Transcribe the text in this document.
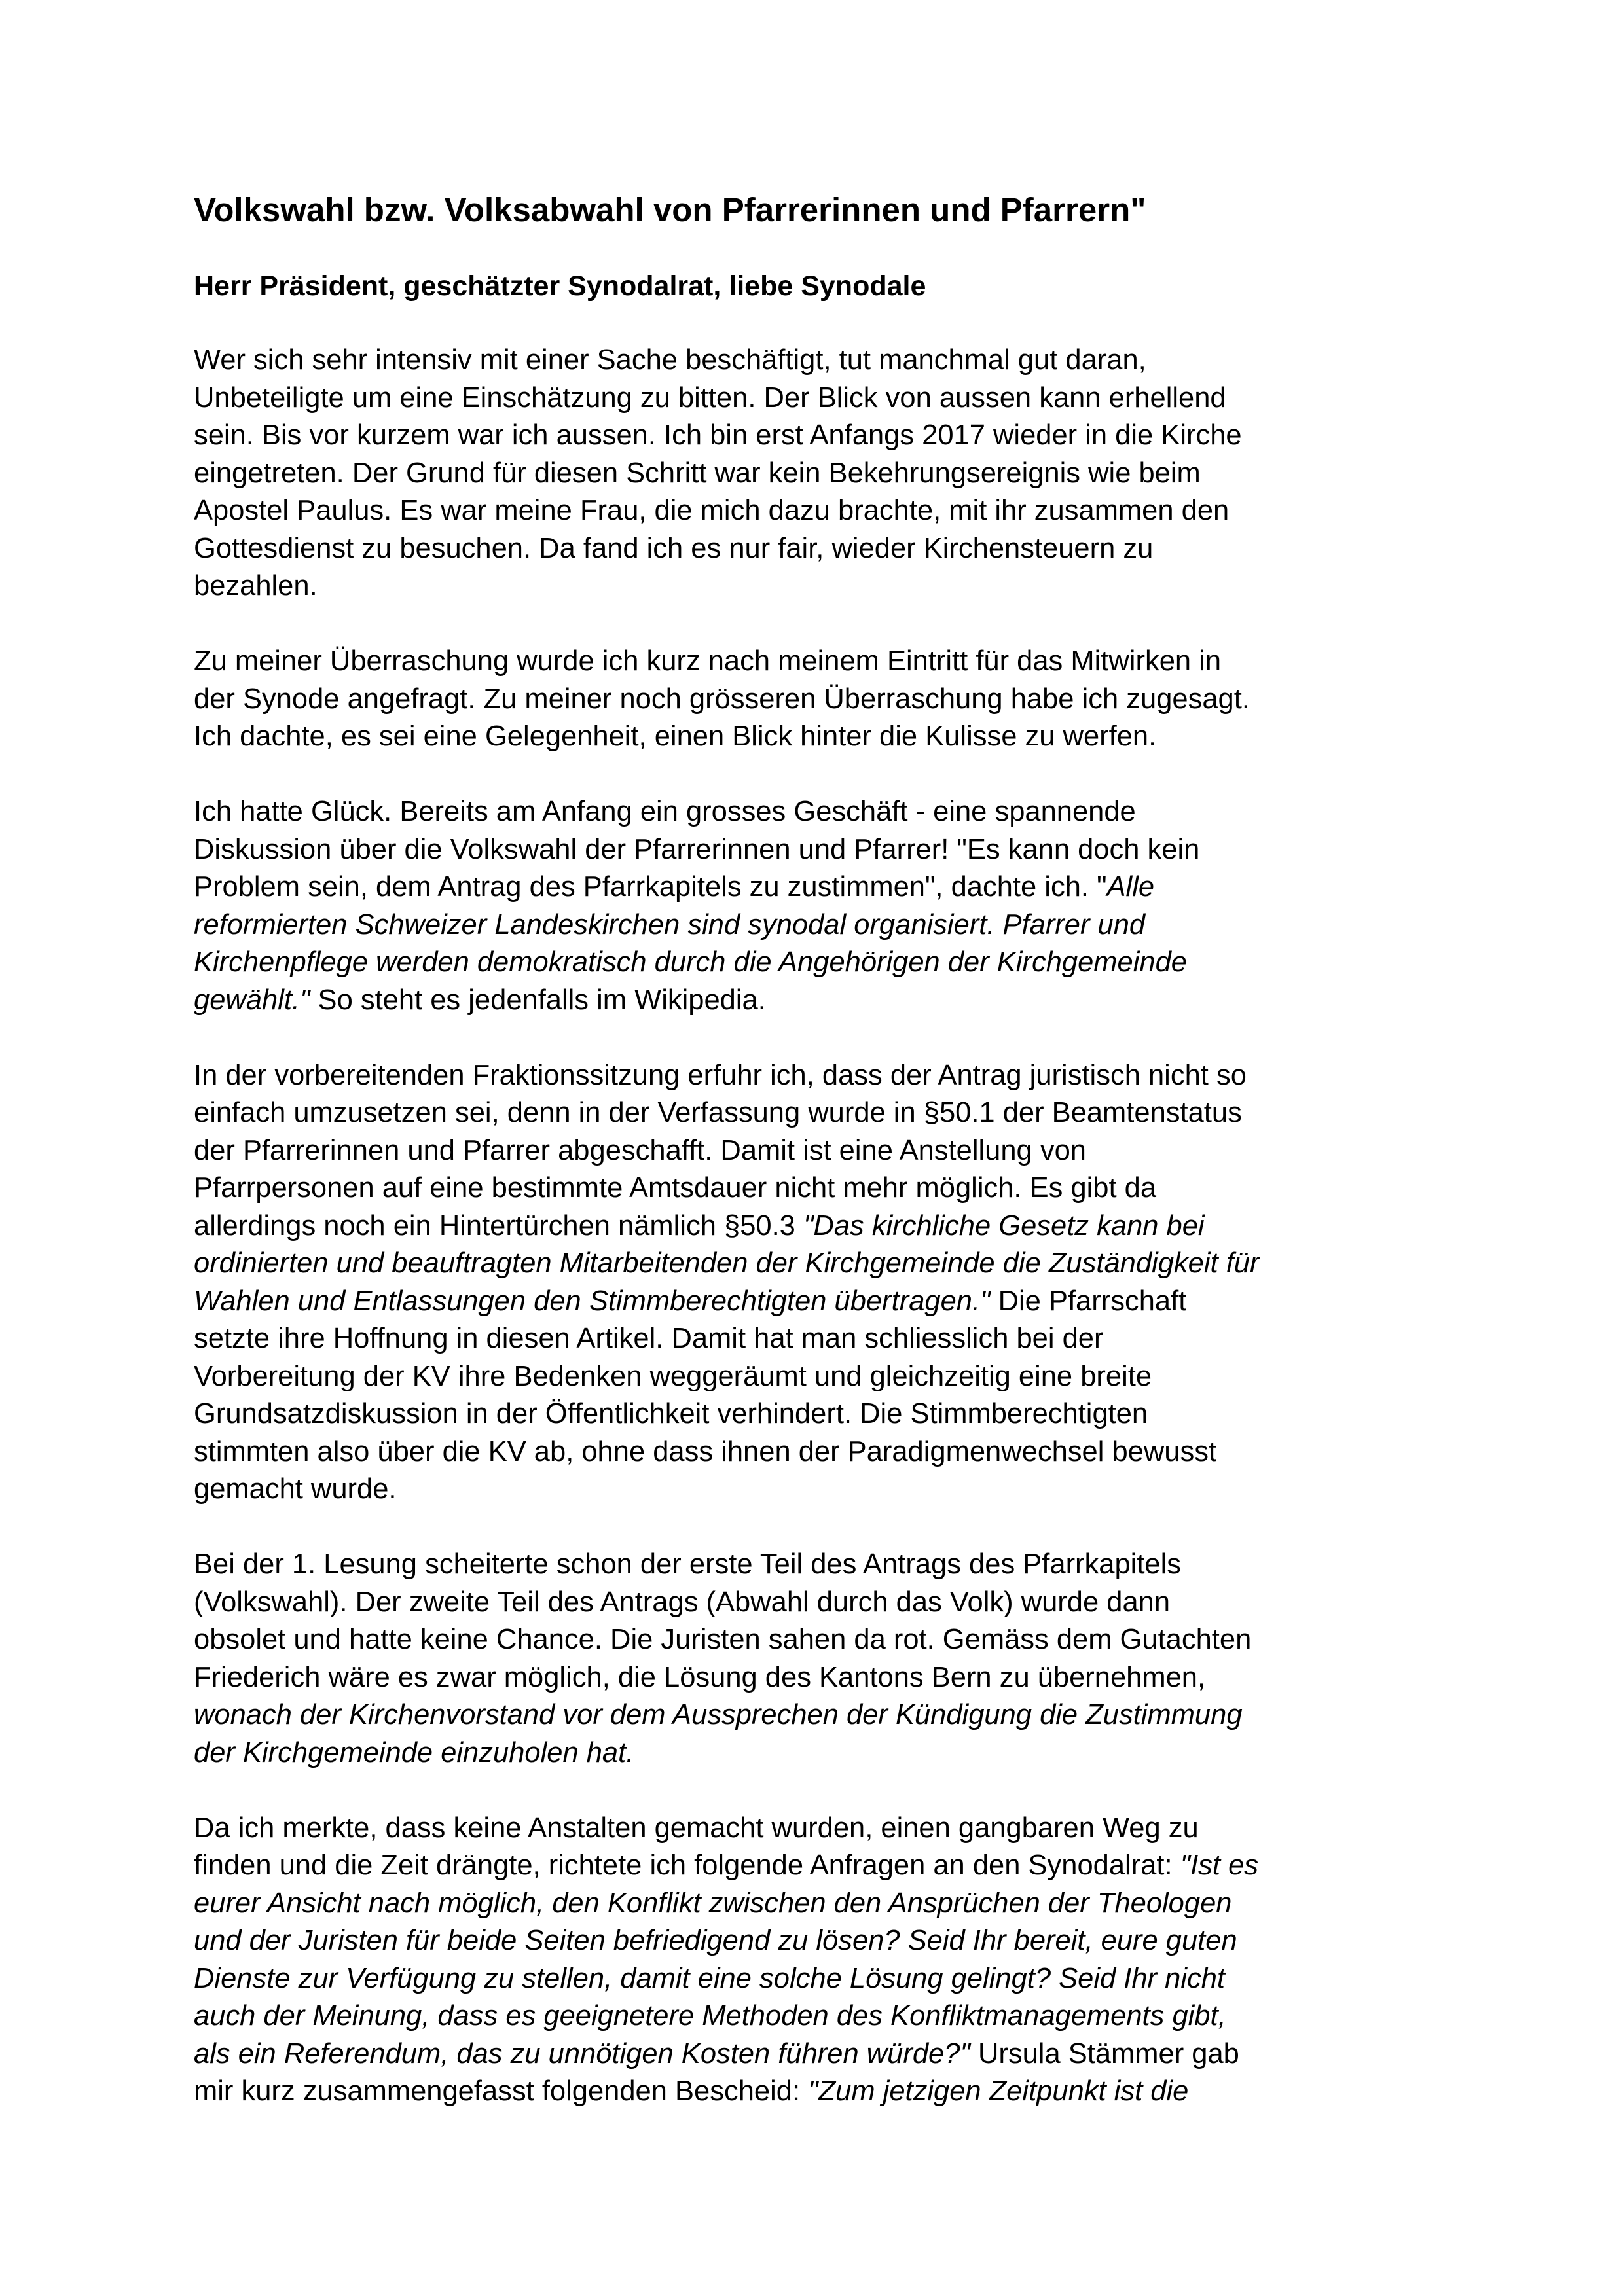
Volkswahl bzw. Volksabwahl von Pfarrerinnen und Pfarrern"
Herr Präsident, geschätzter Synodalrat, liebe Synodale
Wer sich sehr intensiv mit einer Sache beschäftigt, tut manchmal gut daran,
Unbeteiligte um eine Einschätzung zu bitten. Der Blick von aussen kann erhellend
sein. Bis vor kurzem war ich aussen. Ich bin erst Anfangs 2017 wieder in die Kirche
eingetreten. Der Grund für diesen Schritt war kein Bekehrungsereignis wie beim
Apostel Paulus. Es war meine Frau, die mich dazu brachte, mit ihr zusammen den
Gottesdienst zu besuchen. Da fand ich es nur fair, wieder Kirchensteuern zu
bezahlen.
Zu meiner Überraschung wurde ich kurz nach meinem Eintritt für das Mitwirken in
der Synode angefragt. Zu meiner noch grösseren Überraschung habe ich zugesagt.
Ich dachte, es sei eine Gelegenheit, einen Blick hinter die Kulisse zu werfen.
Ich hatte Glück. Bereits am Anfang ein grosses Geschäft - eine spannende
Diskussion über die Volkswahl der Pfarrerinnen und Pfarrer! "Es kann doch kein
Problem sein, dem Antrag des Pfarrkapitels zu zustimmen", dachte ich. "Alle
reformierten Schweizer Landeskirchen sind synodal organisiert. Pfarrer und
Kirchenpflege werden demokratisch durch die Angehörigen der Kirchgemeinde
gewählt." So steht es jedenfalls im Wikipedia.
In der vorbereitenden Fraktionssitzung erfuhr ich, dass der Antrag juristisch nicht so
einfach umzusetzen sei, denn in der Verfassung wurde in §50.1 der Beamtenstatus
der Pfarrerinnen und Pfarrer abgeschafft. Damit ist eine Anstellung von
Pfarrpersonen auf eine bestimmte Amtsdauer nicht mehr möglich. Es gibt da
allerdings noch ein Hintertürchen nämlich §50.3 "Das kirchliche Gesetz kann bei
ordinierten und beauftragten Mitarbeitenden der Kirchgemeinde die Zuständigkeit für
Wahlen und Entlassungen den Stimmberechtigten übertragen." Die Pfarrschaft
setzte ihre Hoffnung in diesen Artikel. Damit hat man schliesslich bei der
Vorbereitung der KV ihre Bedenken weggeräumt und gleichzeitig eine breite
Grundsatzdiskussion in der Öffentlichkeit verhindert. Die Stimmberechtigten
stimmten also über die KV ab, ohne dass ihnen der Paradigmenwechsel bewusst
gemacht wurde.
Bei der 1. Lesung scheiterte schon der erste Teil des Antrags des Pfarrkapitels
(Volkswahl). Der zweite Teil des Antrags (Abwahl durch das Volk) wurde dann
obsolet und hatte keine Chance. Die Juristen sahen da rot. Gemäss dem Gutachten
Friederich wäre es zwar möglich, die Lösung des Kantons Bern zu übernehmen,
wonach der Kirchenvorstand vor dem Aussprechen der Kündigung die Zustimmung
der Kirchgemeinde einzuholen hat.
Da ich merkte, dass keine Anstalten gemacht wurden, einen gangbaren Weg zu
finden und die Zeit drängte, richtete ich folgende Anfragen an den Synodalrat: "Ist es
eurer Ansicht nach möglich, den Konflikt zwischen den Ansprüchen der Theologen
und der Juristen für beide Seiten befriedigend zu lösen? Seid Ihr bereit, eure guten
Dienste zur Verfügung zu stellen, damit eine solche Lösung gelingt? Seid Ihr nicht
auch der Meinung, dass es geeignetere Methoden des Konfliktmanagements gibt,
als ein Referendum, das zu unnötigen Kosten führen würde?" Ursula Stämmer gab
mir kurz zusammengefasst folgenden Bescheid: "Zum jetzigen Zeitpunkt ist die
